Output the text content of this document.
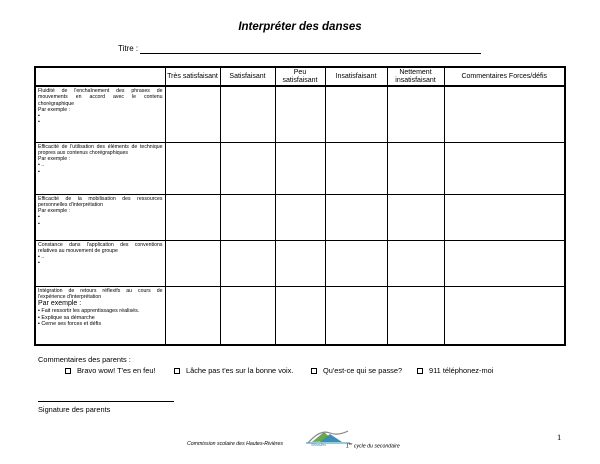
Interpréter des danses
Titre :
	Très satisfaisant	Satisfaisant	Peu satisfaisant	Insatisfaisant	Nettement insatisfaisant	Commentaires Forces/défis
Fluidité de l'enchaînement des phrases de mouvements en accord avec le contenu chorégraphique
Par exemple :
▪
▪						

Efficacité de l'utilisation des éléments de technique propres aux contenus chorégraphiques
Par exemple :
▪ ..
▪						

Efficacité de la mobilisation des ressources personnelles d'interprétation
Par exemple :
▪
▪						

Constance dans l'application des conventions relatives au mouvement de groupe
▪ ..
▪						

Intégration de retours réflexifs au cours de l'expérience d'interprétation
Par exemple :
▪ Fait ressortir les apprentissages réalisés.
▪ Explique sa démarche
▪ Cerne ses forces et défis						

Commentaires des parents :
Bravo wow! T'es en feu!	Lâche pas t'es sur la bonne voix.	Qu'est-ce qui se passe?	911 téléphonez-moi
Signature des parents
Commission scolaire des Hautes-Rivières	Sébastien	1er cycle du secondaire
1
